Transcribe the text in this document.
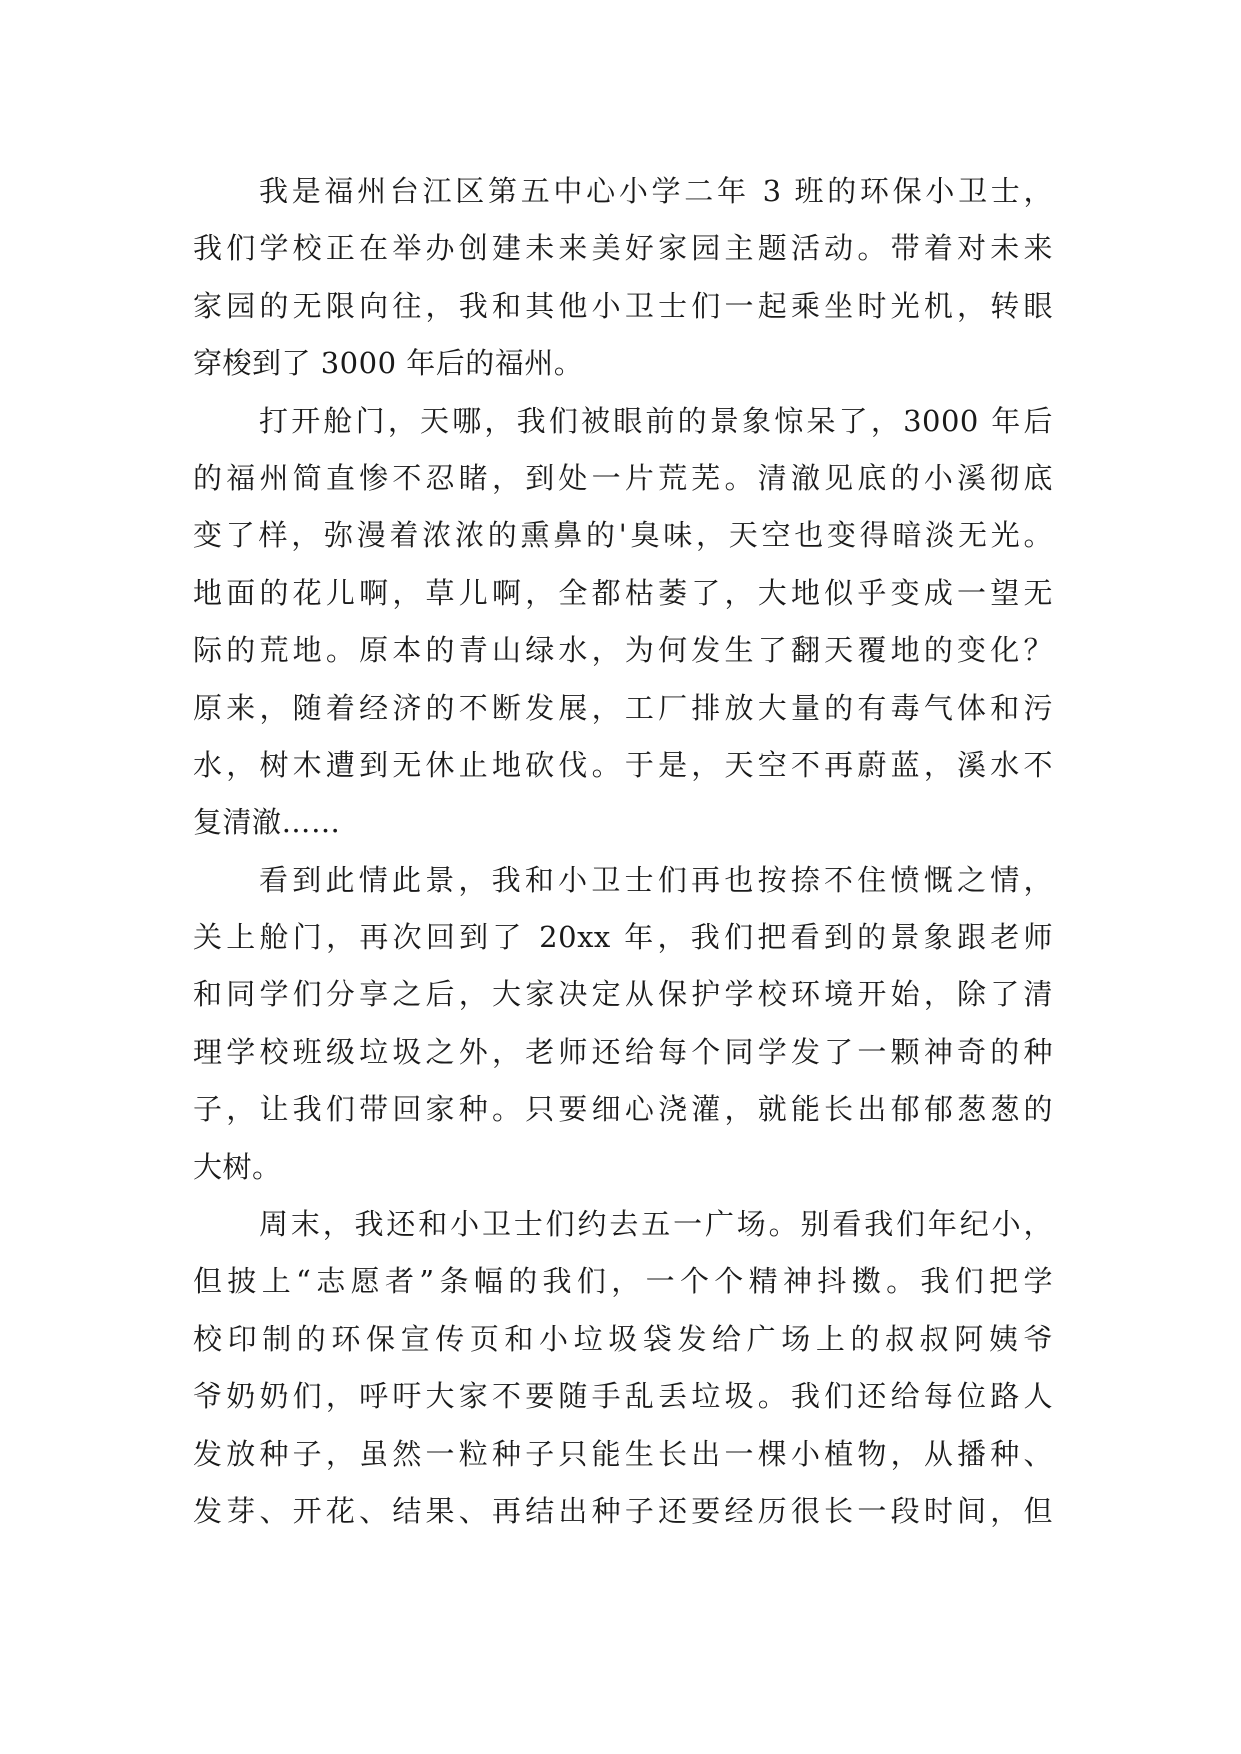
我是福州台江区第五中心小学二年 3 班的环保小卫士，
我们学校正在举办创建未来美好家园主题活动。带着对未来
家园的无限向往，我和其他小卫士们一起乘坐时光机，转眼
穿梭到了 3000 年后的福州。
打开舱门，天哪，我们被眼前的景象惊呆了，3000 年后
的福州简直惨不忍睹，到处一片荒芜。清澈见底的小溪彻底
变了样，弥漫着浓浓的熏鼻的'臭味，天空也变得暗淡无光。
地面的花儿啊，草儿啊，全都枯萎了，大地似乎变成一望无
际的荒地。原本的青山绿水，为何发生了翻天覆地的变化？
原来，随着经济的不断发展，工厂排放大量的有毒气体和污
水，树木遭到无休止地砍伐。于是，天空不再蔚蓝，溪水不
复清澈……
看到此情此景，我和小卫士们再也按捺不住愤慨之情，
关上舱门，再次回到了 20xx 年，我们把看到的景象跟老师
和同学们分享之后，大家决定从保护学校环境开始，除了清
理学校班级垃圾之外，老师还给每个同学发了一颗神奇的种
子，让我们带回家种。只要细心浇灌，就能长出郁郁葱葱的
大树。
周末，我还和小卫士们约去五一广场。别看我们年纪小，
但披上“志愿者”条幅的我们，一个个精神抖擞。我们把学
校印制的环保宣传页和小垃圾袋发给广场上的叔叔阿姨爷
爷奶奶们，呼吁大家不要随手乱丢垃圾。我们还给每位路人
发放种子，虽然一粒种子只能生长出一棵小植物，从播种、
发芽、开花、结果、再结出种子还要经历很长一段时间，但
